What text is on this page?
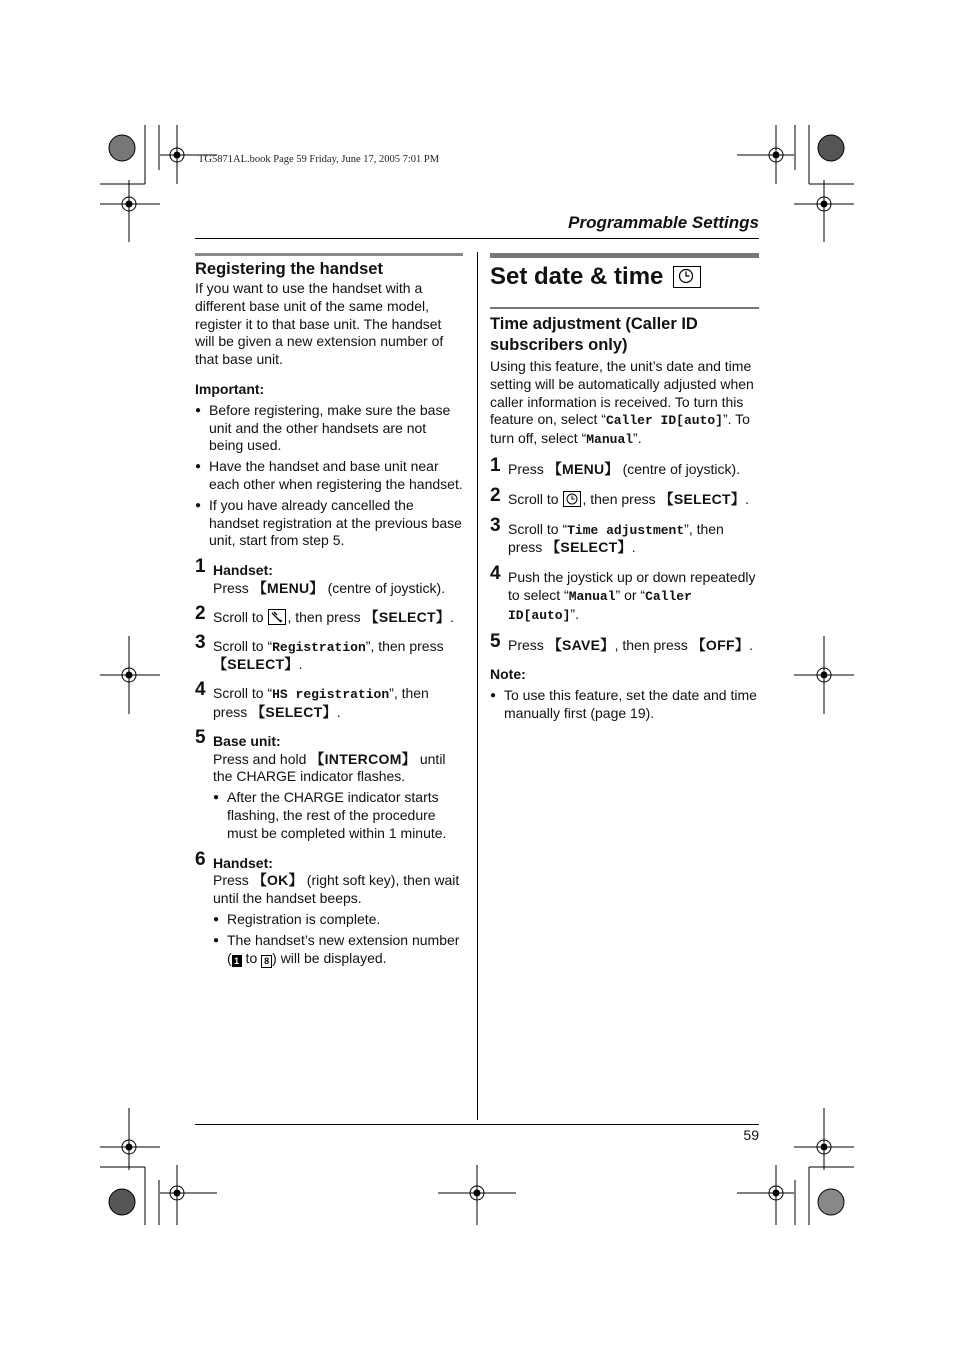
TG5871AL.book Page 59 Friday, June 17, 2005 7:01 PM
Programmable Settings
59
Registering the handset

If you want to use the handset with a different base unit of the same model, register it to that base unit. The handset will be given a new extension number of that base unit.

Important:

● Before registering, make sure the base unit and the other handsets are not being used.
● Have the handset and base unit near each other when registering the handset.
● If you have already cancelled the handset registration at the previous base unit, start from step 5.
1 Handset:

Press 【MENU】 (centre of joystick).

2 Scroll to , then press 【SELECT】.

3 Scroll to “Registration”, then press 【SELECT】.

4 Scroll to “HS registration”, then press 【SELECT】.

5 Base unit:

Press and hold 【INTERCOM】 until the CHARGE indicator flashes.

● After the CHARGE indicator starts flashing, the rest of the procedure must be completed within 1 minute.
6 Handset:

Press 【OK】 (right soft key), then wait until the handset beeps.

● Registration is complete.
● The handset’s new extension number ( 1 to 8 ) will be displayed.
Set date & time
Time adjustment (Caller ID subscribers only)

Using this feature, the unit’s date and time setting will be automatically adjusted when caller information is received. To turn this feature on, select “Caller ID[auto]”. To turn off, select “Manual”.

1 Press 【MENU】 (centre of joystick).

2 Scroll to , then press 【SELECT】.

3 Scroll to “Time adjustment”, then press 【SELECT】.

4 Push the joystick up or down repeatedly to select “Manual” or “Caller ID[auto]”.

5 Press 【SAVE】, then press 【OFF】.

Note:

● To use this feature, set the date and time manually first (page 19).
